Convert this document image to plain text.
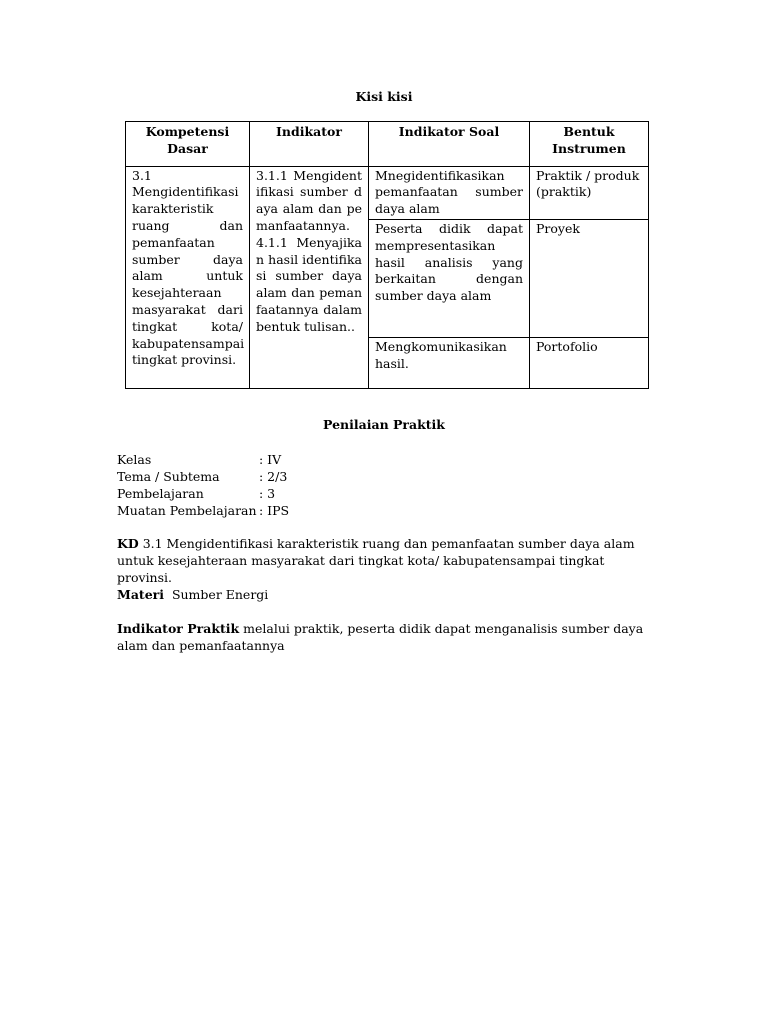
Kisi kisi
Kompetensi Dasar	Indikator	Indikator Soal	Bentuk Instrumen
3.1 Mengidentifikasi karakteristik ruang dan pemanfaatan sumber daya alam untuk kesejahteraan masyarakat dari tingkat kota/ kabupatensampai tingkat provinsi.	3.1.1 Mengidentifikasi sumber daya alam dan pemanfaatannya. 4.1.1 Menyajikan hasil identifikasi sumber daya alam dan pemanfaatannya dalam bentuk tulisan..	Mnegidentifikasikan pemanfaatan sumber daya alam	Praktik / produk (praktik)
		Peserta didik dapat mempresentasikan hasil analisis yang berkaitan dengan sumber daya alam	Proyek
		Mengkomunikasikan hasil.	Portofolio
Penilaian Praktik
Kelas	: IV
Tema / Subtema	: 2/3
Pembelajaran	: 3
Muatan Pembelajaran : IPS
KD 3.1 Mengidentifikasi karakteristik ruang dan pemanfaatan sumber daya alam untuk kesejahteraan masyarakat dari tingkat kota/ kabupatensampai tingkat provinsi.
Materi  Sumber Energi
Indikator Praktik melalui praktik, peserta didik dapat menganalisis sumber daya alam dan pemanfaatannya
